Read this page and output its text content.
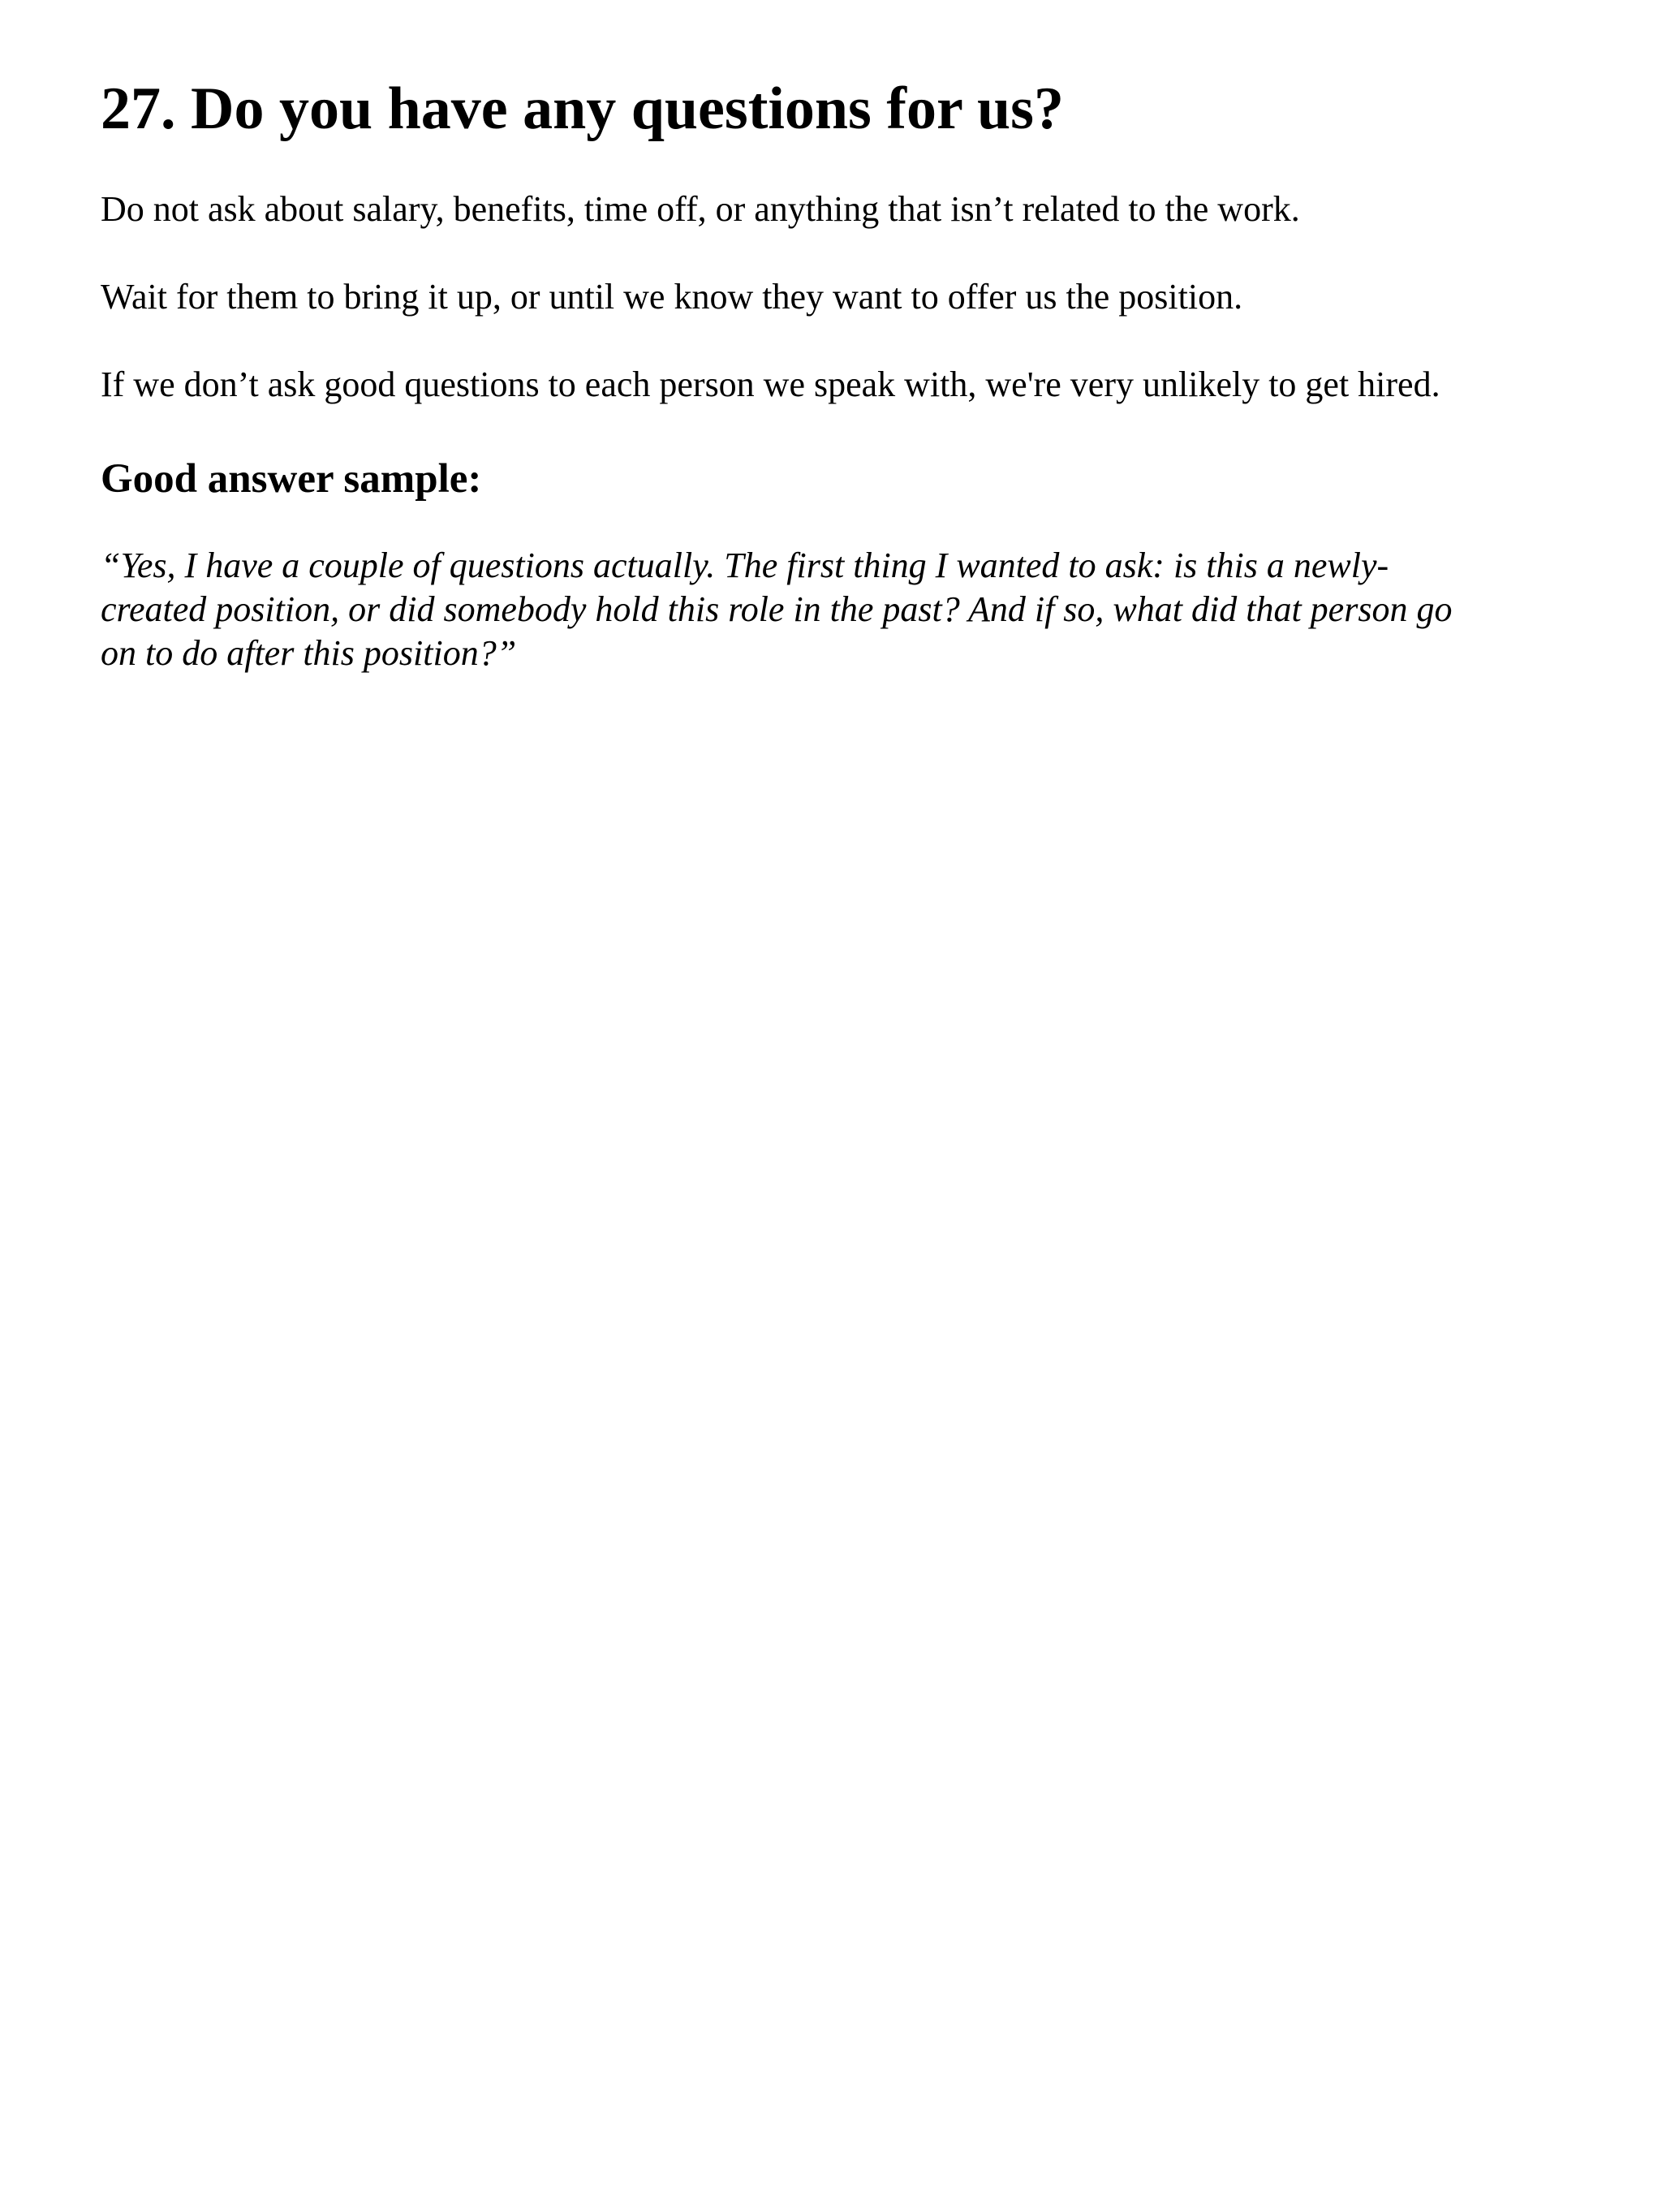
27. Do you have any questions for us?

Do not ask about salary, benefits, time off, or anything that isn’t related to the work.

Wait for them to bring it up, or until we know they want to offer us the position.

If we don’t ask good questions to each person we speak with, we're very unlikely to get hired.

Good answer sample:

“Yes, I have a couple of questions actually. The first thing I wanted to ask: is this a newly-
created position, or did somebody hold this role in the past? And if so, what did that person go
on to do after this position?”
